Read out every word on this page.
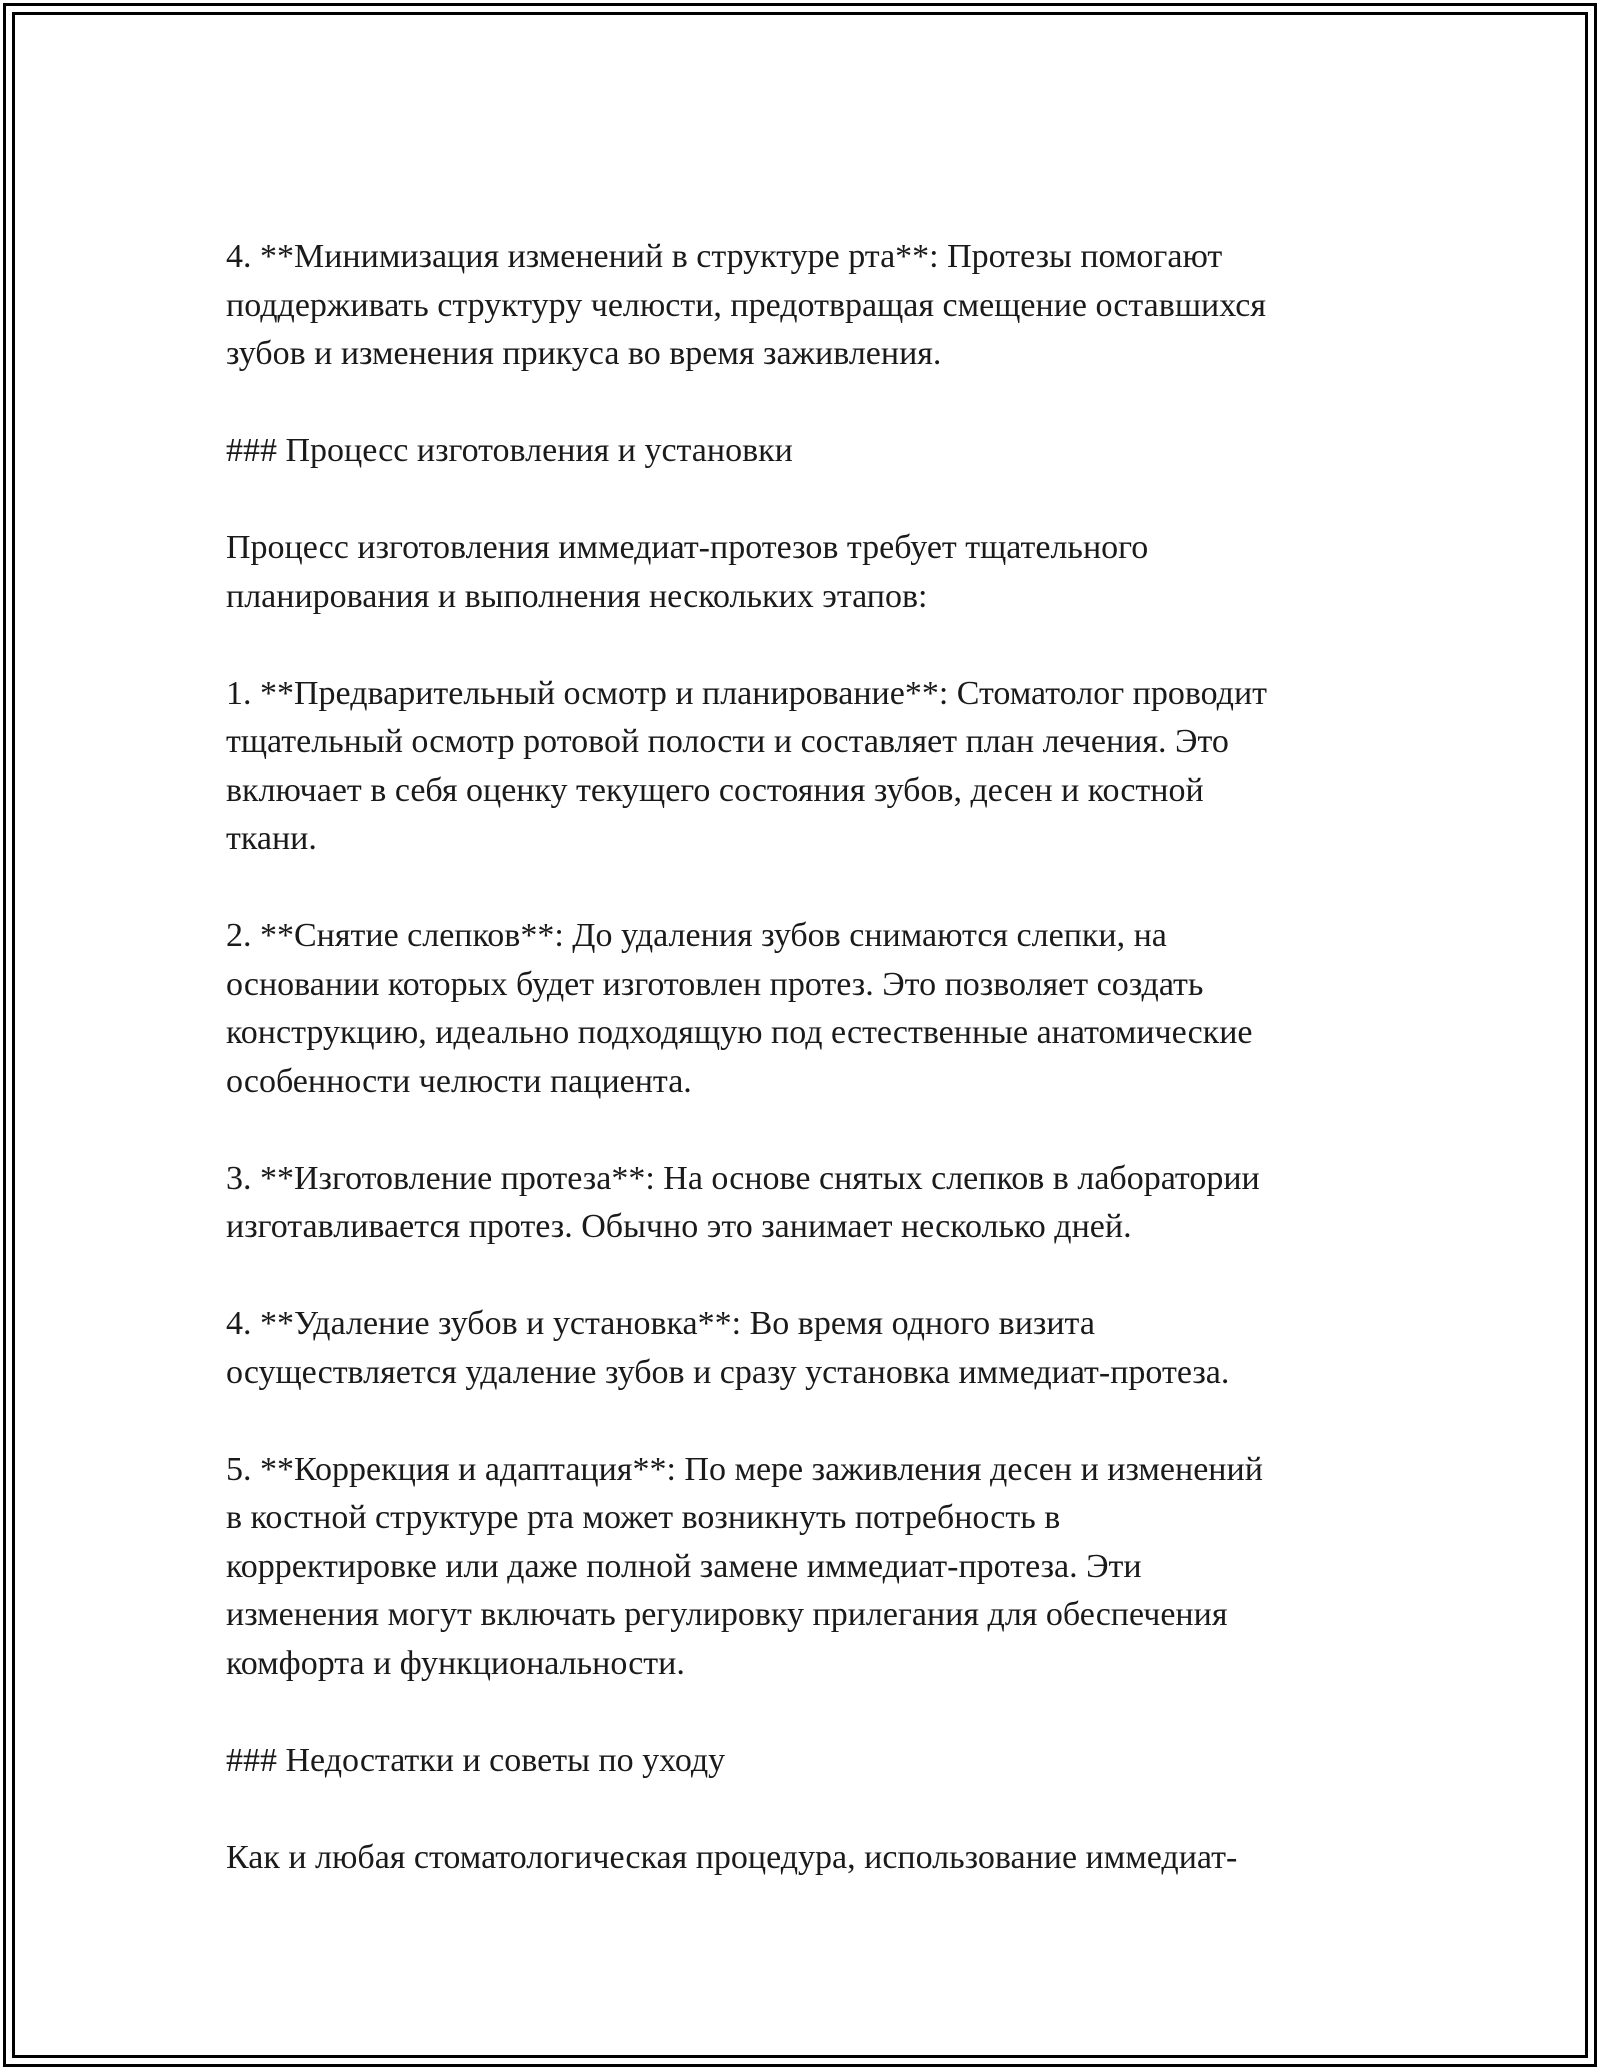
4. **Минимизация изменений в структуре рта**: Протезы помогают
поддерживать структуру челюсти, предотвращая смещение оставшихся
зубов и изменения прикуса во время заживления.

### Процесс изготовления и установки

Процесс изготовления иммедиат-протезов требует тщательного
планирования и выполнения нескольких этапов:

1. **Предварительный осмотр и планирование**: Стоматолог проводит
тщательный осмотр ротовой полости и составляет план лечения. Это
включает в себя оценку текущего состояния зубов, десен и костной
ткани.

2. **Снятие слепков**: До удаления зубов снимаются слепки, на
основании которых будет изготовлен протез. Это позволяет создать
конструкцию, идеально подходящую под естественные анатомические
особенности челюсти пациента.

3. **Изготовление протеза**: На основе снятых слепков в лаборатории
изготавливается протез. Обычно это занимает несколько дней.

4. **Удаление зубов и установка**: Во время одного визита
осуществляется удаление зубов и сразу установка иммедиат-протеза.

5. **Коррекция и адаптация**: По мере заживления десен и изменений
в костной структуре рта может возникнуть потребность в
корректировке или даже полной замене иммедиат-протеза. Эти
изменения могут включать регулировку прилегания для обеспечения
комфорта и функциональности.

### Недостатки и советы по уходу

Как и любая стоматологическая процедура, использование иммедиат-
